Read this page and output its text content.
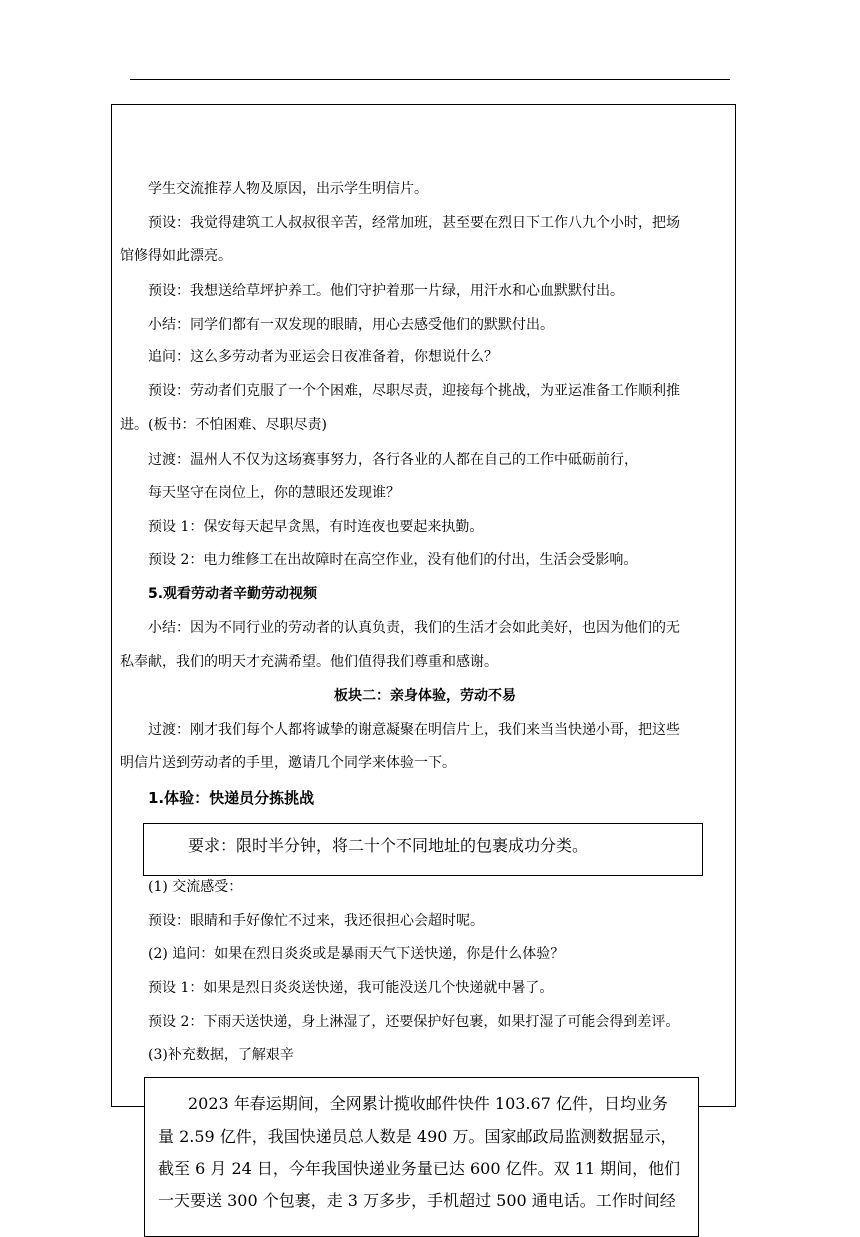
学生交流推荐人物及原因，出示学生明信片。
预设：我觉得建筑工人叔叔很辛苦，经常加班，甚至要在烈日下工作八九个小时，把场
馆修得如此漂亮。
预设：我想送给草坪护养工。他们守护着那一片绿，用汗水和心血默默付出。
小结：同学们都有一双发现的眼睛，用心去感受他们的默默付出。
追问：这么多劳动者为亚运会日夜准备着，你想说什么？
预设：劳动者们克服了一个个困难，尽职尽责，迎接每个挑战，为亚运准备工作顺利推
进。(板书：不怕困难、尽职尽责)
过渡：温州人不仅为这场赛事努力，各行各业的人都在自己的工作中砥砺前行，
每天坚守在岗位上，你的慧眼还发现谁？
预设 1：保安每天起早贪黑，有时连夜也要起来执勤。
预设 2：电力维修工在出故障时在高空作业，没有他们的付出，生活会受影响。
5.观看劳动者辛勤劳动视频
小结：因为不同行业的劳动者的认真负责，我们的生活才会如此美好，也因为他们的无
私奉献，我们的明天才充满希望。他们值得我们尊重和感谢。
板块二：亲身体验，劳动不易
过渡：刚才我们每个人都将诚挚的谢意凝聚在明信片上，我们来当当快递小哥，把这些
明信片送到劳动者的手里，邀请几个同学来体验一下。
1.体验：快递员分拣挑战
要求：限时半分钟，将二十个不同地址的包裹成功分类。
(1) 交流感受：
预设：眼睛和手好像忙不过来，我还很担心会超时呢。
(2) 追问：如果在烈日炎炎或是暴雨天气下送快递，你是什么体验？
预设 1：如果是烈日炎炎送快递，我可能没送几个快递就中暑了。
预设 2：下雨天送快递，身上淋湿了，还要保护好包裹，如果打湿了可能会得到差评。
(3)补充数据，了解艰辛
2023 年春运期间，全网累计揽收邮件快件 103.67 亿件，日均业务
量 2.59 亿件，我国快递员总人数是 490 万。国家邮政局监测数据显示，
截至 6 月 24 日，今年我国快递业务量已达 600 亿件。双 11 期间，他们
一天要送 300 个包裹，走 3 万多步，手机超过 500 通电话。工作时间经
